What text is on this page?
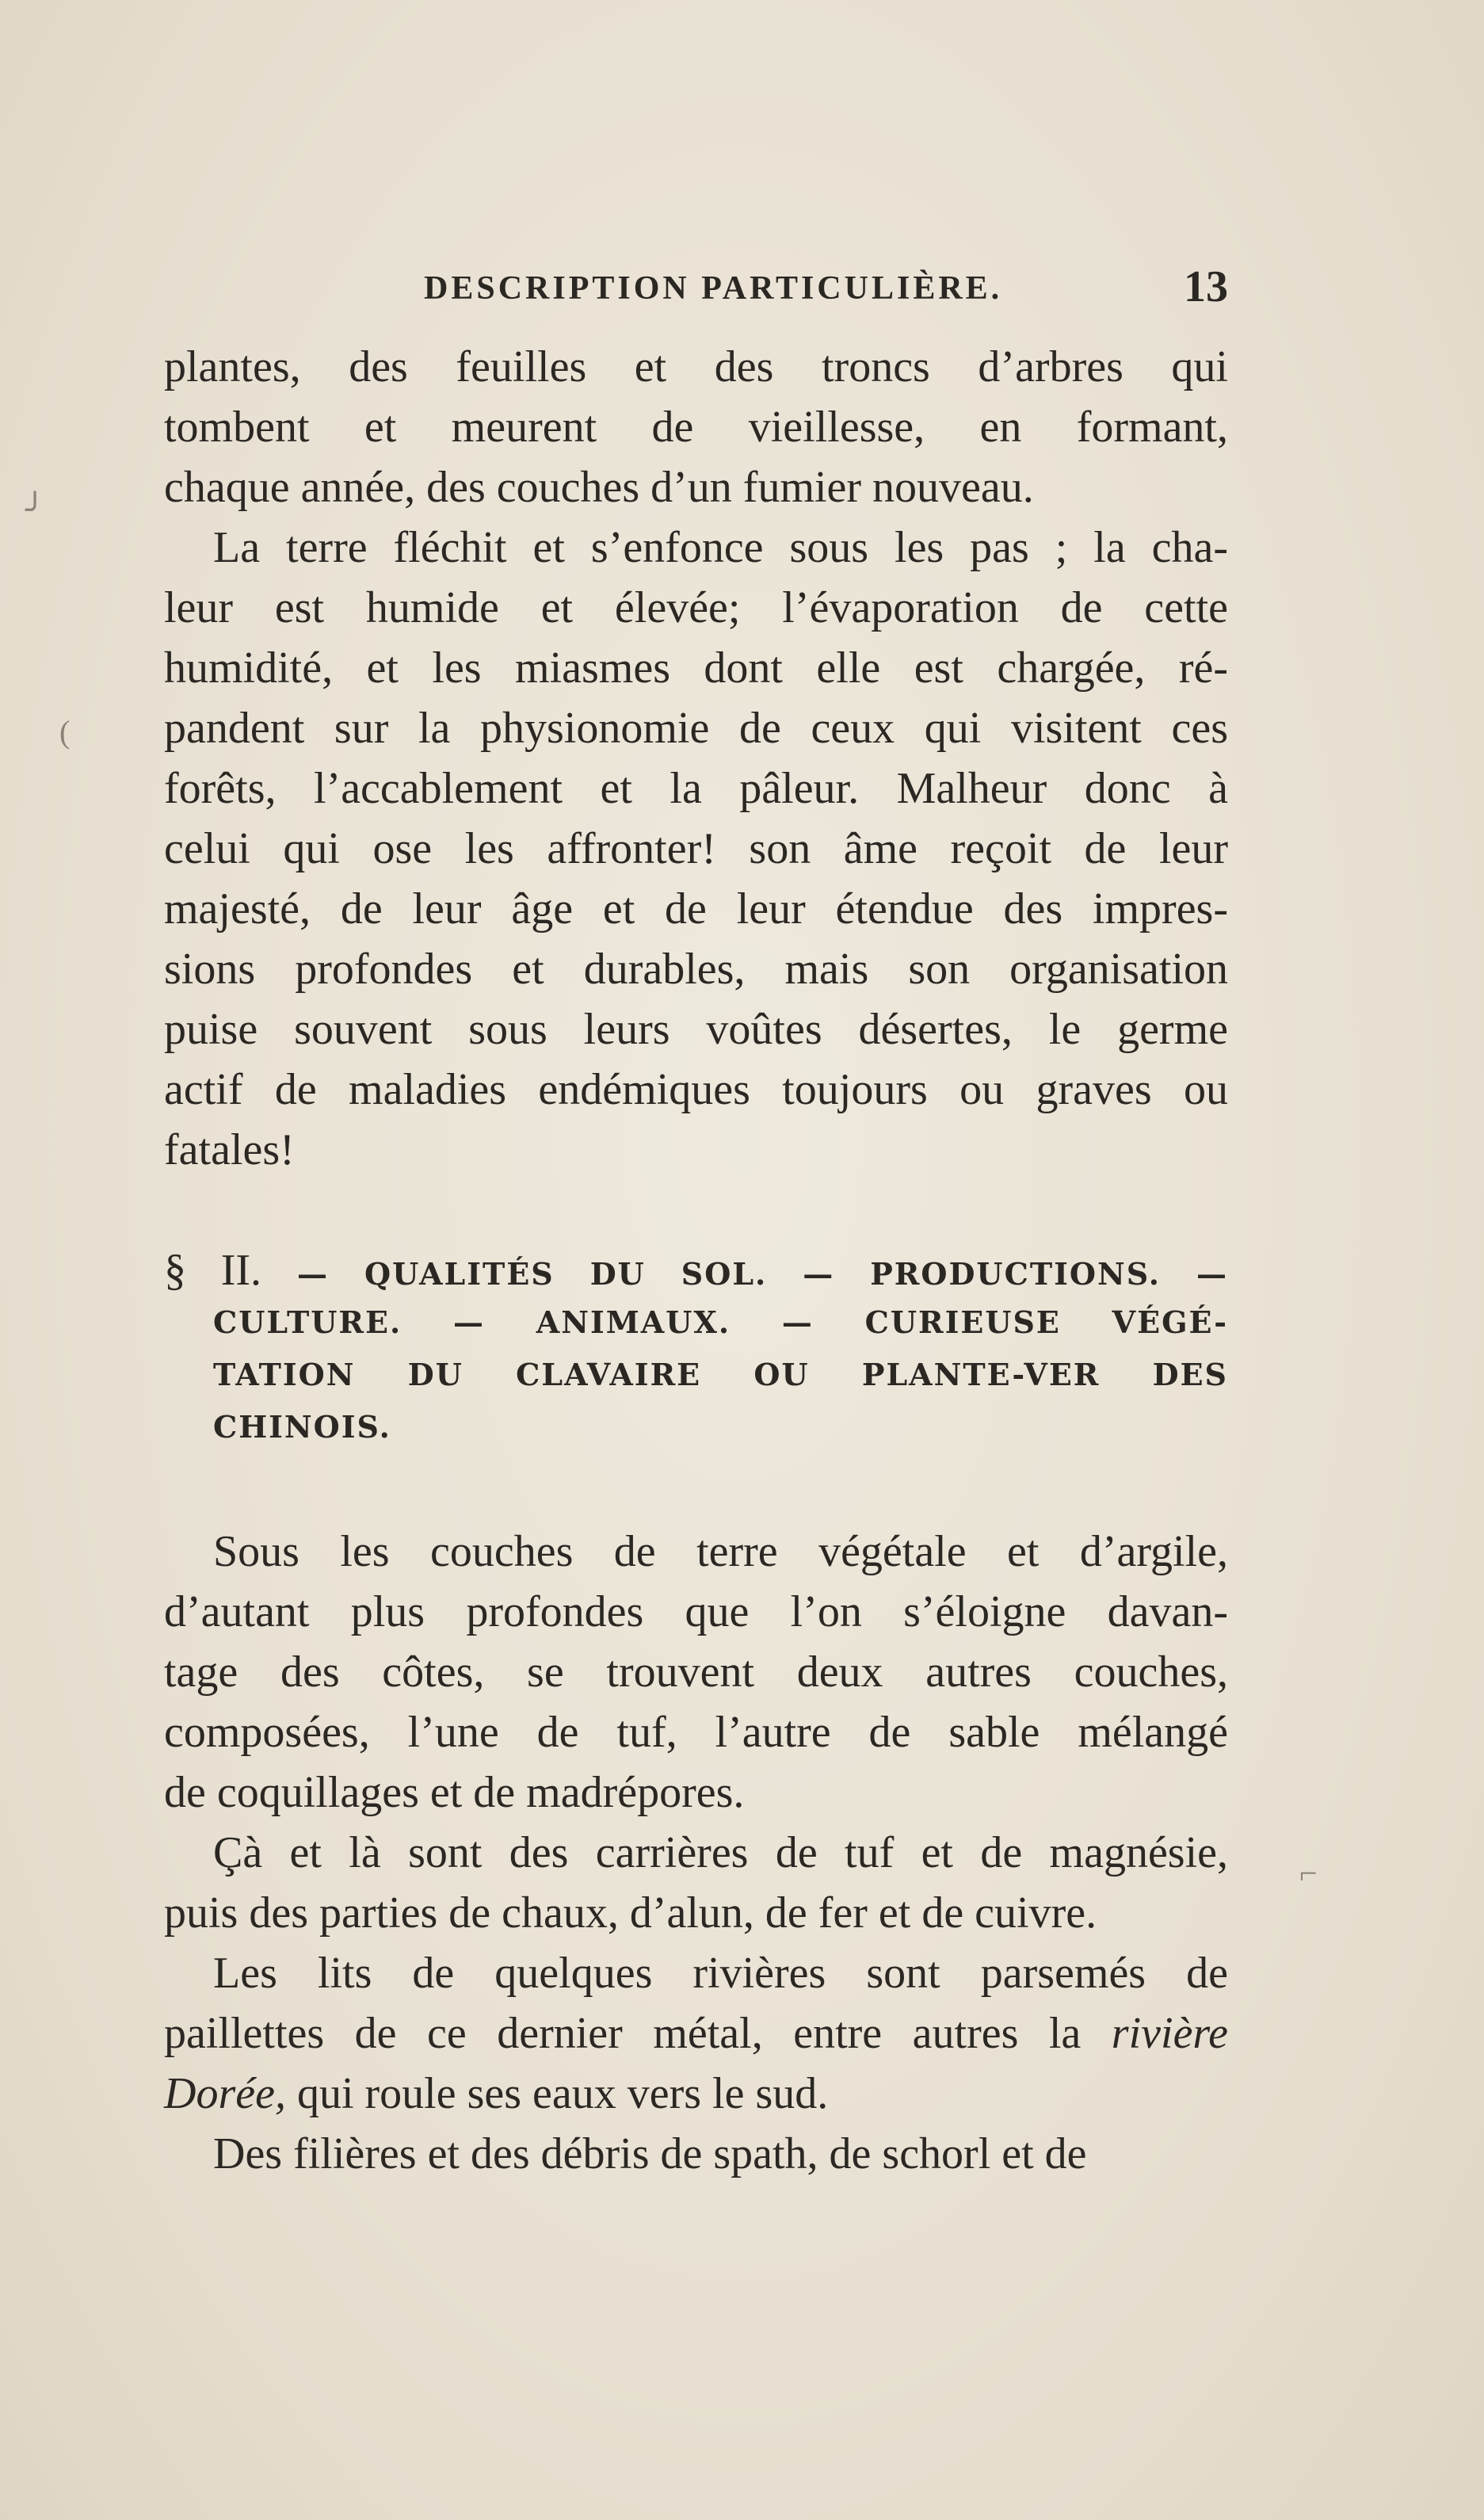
DESCRIPTION PARTICULIÈRE.	13
plantes, des feuilles et des troncs d’arbres qui
tombent et meurent de vieillesse, en formant,
chaque année, des couches d’un fumier nouveau.
La terre fléchit et s’enfonce sous les pas ; la cha-
leur est humide et élevée; l’évaporation de cette
humidité, et les miasmes dont elle est chargée, ré-
pandent sur la physionomie de ceux qui visitent ces
forêts, l’accablement et la pâleur. Malheur donc à
celui qui ose les affronter! son âme reçoit de leur
majesté, de leur âge et de leur étendue des impres-
sions profondes et durables, mais son organisation
puise souvent sous leurs voûtes désertes, le germe
actif de maladies endémiques toujours ou graves ou
fatales!
§ II. — QUALITÉS DU SOL. — PRODUCTIONS. —
CULTURE. — ANIMAUX. — CURIEUSE VÉGÉ-
TATION DU CLAVAIRE OU PLANTE-VER DES
CHINOIS.
Sous les couches de terre végétale et d’argile,
d’autant plus profondes que l’on s’éloigne davan-
tage des côtes, se trouvent deux autres couches,
composées, l’une de tuf, l’autre de sable mélangé
de coquillages et de madrépores.
Çà et là sont des carrières de tuf et de magnésie,
puis des parties de chaux, d’alun, de fer et de cuivre.
Les lits de quelques rivières sont parsemés de
paillettes de ce dernier métal, entre autres la rivière
Dorée, qui roule ses eaux vers le sud.
Des filières et des débris de spath, de schorl et de
╯
(
⌐
